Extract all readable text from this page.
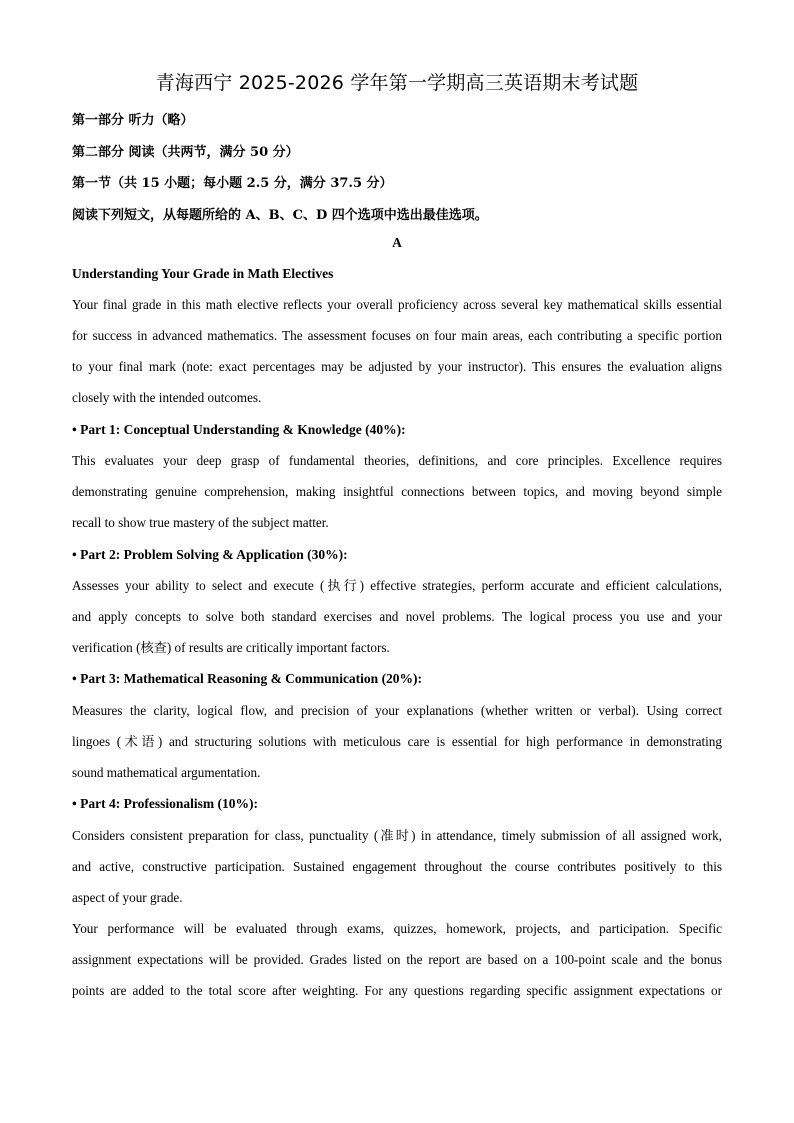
青海西宁 2025-2026 学年第一学期高三英语期末考试题
第一部分 听力（略）
第二部分 阅读（共两节，满分 50 分）
第一节（共 15 小题；每小题 2.5 分，满分 37.5 分）
阅读下列短文，从每题所给的 A、B、C、D 四个选项中选出最佳选项。
A
Understanding Your Grade in Math Electives
Your final grade in this math elective reflects your overall proficiency across several key mathematical skills essential
for success in advanced mathematics. The assessment focuses on four main areas, each contributing a specific portion
to your final mark (note: exact percentages may be adjusted by your instructor). This ensures the evaluation aligns
closely with the intended outcomes.
• Part 1: Conceptual Understanding & Knowledge (40%):
This evaluates your deep grasp of fundamental theories, definitions, and core principles. Excellence requires
demonstrating genuine comprehension, making insightful connections between topics, and moving beyond simple
recall to show true mastery of the subject matter.
• Part 2: Problem Solving & Application (30%):
Assesses your ability to select and execute (执行) effective strategies, perform accurate and efficient calculations,
and apply concepts to solve both standard exercises and novel problems. The logical process you use and your
verification (核查) of results are critically important factors.
• Part 3: Mathematical Reasoning & Communication (20%):
Measures the clarity, logical flow, and precision of your explanations (whether written or verbal). Using correct
lingoes (术语) and structuring solutions with meticulous care is essential for high performance in demonstrating
sound mathematical argumentation.
• Part 4: Professionalism (10%):
Considers consistent preparation for class, punctuality (准时) in attendance, timely submission of all assigned work,
and active, constructive participation. Sustained engagement throughout the course contributes positively to this
aspect of your grade.
Your performance will be evaluated through exams, quizzes, homework, projects, and participation. Specific
assignment expectations will be provided. Grades listed on the report are based on a 100-point scale and the bonus
points are added to the total score after weighting. For any questions regarding specific assignment expectations or
